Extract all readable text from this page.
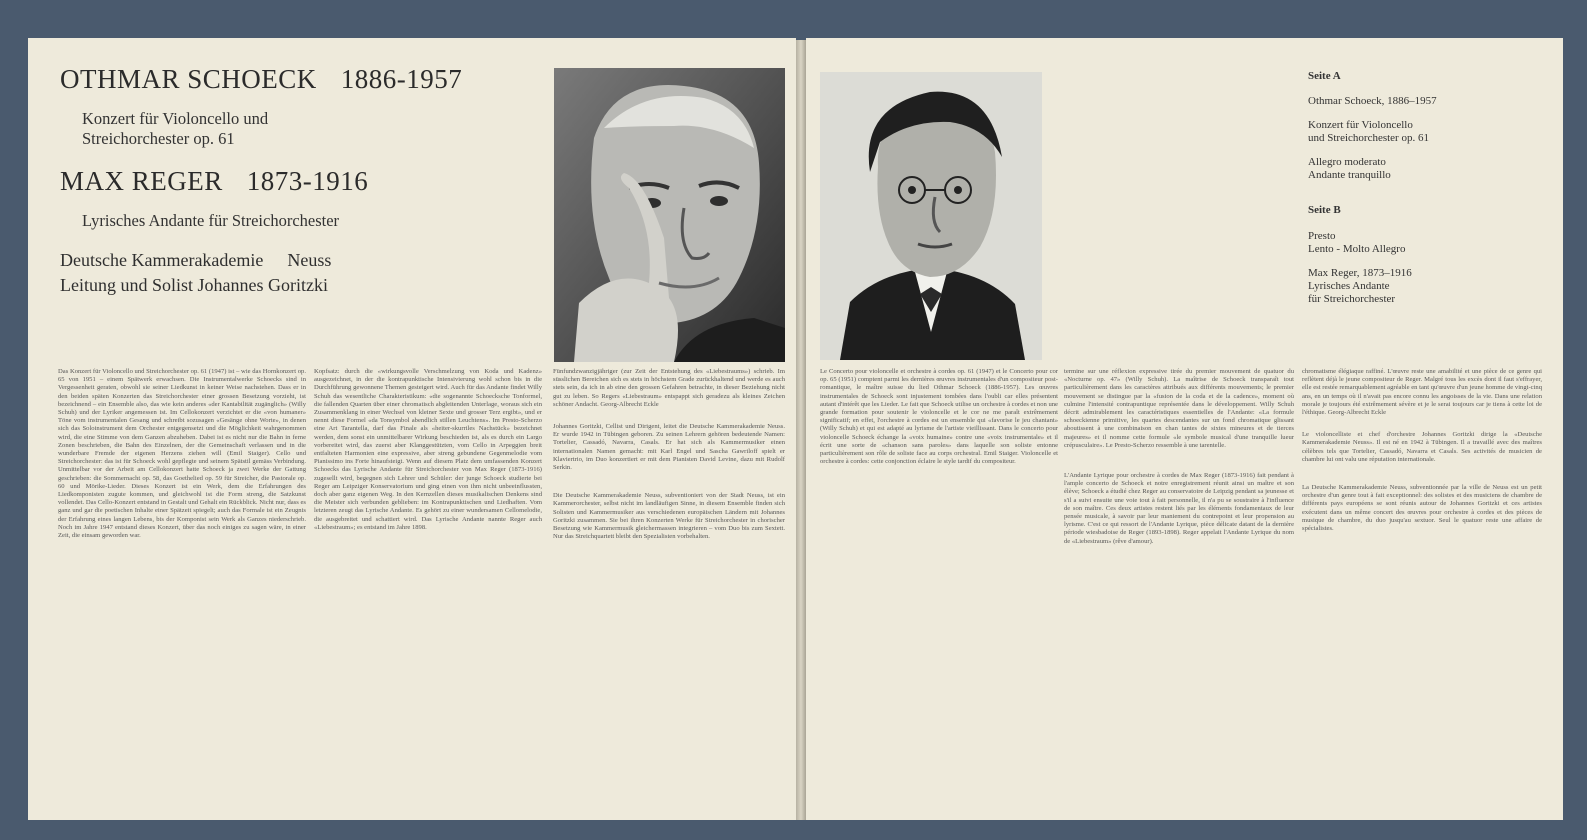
OTHMAR SCHOECK 1886-1957
Konzert für Violoncello und
Streichorchester op. 61
MAX REGER 1873-1916
Lyrisches Andante für Streichorchester
Deutsche Kammerakademie Neuss
Leitung und Solist Johannes Goritzki

Das Konzert für Violoncello und Streichorchester op. 61 (1947) ist – wie das Hornkonzert op. 65 von 1951 – einem Spätwerk erwachsen. Die Instrumentalwerke Schoecks sind in Vergessenheit geraten, obwohl sie seiner Liedkunst in keiner Weise nachstehen. Dass er in den beiden späten Konzerten das Streichorchester einer grossen Besetzung vorzieht, ist bezeichnend – ein Ensemble also, das wie kein anderes «der Kantabilität zugänglich» (Willy Schuh) und der Lyriker angemessen ist. Im Cellokonzert verzichtet er die «von humaner» Töne vom instrumentalen Gesang und schreibt sozusagen «Gesänge ohne Worte», in denen sich das Soloinstrument dem Orchester entgegensetzt und die Möglichkeit wahrgenommen wird, die eine Stimme von dem Ganzen abzuheben. Dabei ist es nicht nur die Bahn in ferne Zonen beschrieben, die Bahn des Einzelnen, der die Gemeinschaft verlassen und in die wunderbare Fremde der eigenen Herzens ziehen will (Emil Staiger). Cello und Streichorchester: das ist für Schoeck wohl gepflegte und seinem Spätstil gemäss Verbindung. Unmittelbar vor der Arbeit am Cellokonzert hatte Schoeck ja zwei Werke der Gattung geschrieben: die Sommernacht op. 58, das Goethelied op. 59 für Streicher, die Pastorale op. 60 und Mörike-Lieder. Dieses Konzert ist ein Werk, dem die Erfahrungen des Liedkomponisten zugute kommen, und gleichwohl ist die Form streng, die Satzkunst vollendet. Das Cello-Konzert entstand in Gestalt und Gehalt ein Rückblick. Nicht nur, dass es ganz und gar die poetischen Inhalte einer Spätzeit spiegelt; auch das Formale ist ein Zeugnis der Erfahrung eines langen Lebens, bis der Komponist sein Werk als Ganzes niederschrieb. Noch im Jahre 1947 entstand dieses Konzert, über das noch einiges zu sagen wäre, in einer Zeit, die einsam geworden war.

Kopfsatz: durch die «wirkungsvolle Verschmelzung von Koda und Kadenz» ausgezeichnet, in der die kontrapunktische Intensivierung wohl schon bis in die Durchführung gewonnene Themen gesteigert wird. Auch für das Andante findet Willy Schuh das wesentliche Charakteristikum: «die sogenannte Schoecksche Tonformel, die fallenden Quarten über einer chromatisch abgleitenden Unterlage, woraus sich ein Zusammenklang in einer Wechsel von kleiner Sexte und grosser Terz ergibt», und er nennt diese Formel «da Tonsymbol abendlich stillen Leuchtens». Im Presto-Scherzo eine Art Tarantella, darf das Finale als «heiter-skurriles Nachstück» bezeichnet werden, dem sonst ein unmittelbarer Wirkung beschieden ist, als es durch ein Largo vorbereitet wird, das zuerst aber Klanggestützten, vom Cello in Arpeggien breit entfalteten Harmonien eine expressive, aber streng gebundene Gegenmelodie vom Pianissimo ins Forte hinaufsteigt. Wenn auf diesem Platz dem umfassenden Konzert Schoecks das Lyrische Andante für Streichorchester von Max Reger (1873-1916) zugesellt wird, begegnen sich Lehrer und Schüler: der junge Schoeck studierte bei Reger am Leipziger Konservatorium und ging einen von ihm nicht unbeeinflussten, doch aber ganz eigenen Weg. In den Kernzellen dieses musikalischen Denkens sind die Meister sich verbunden geblieben: im Kontrapunktischen und Liedhaften. Vom letzteren zeugt das Lyrische Andante. Es gehört zu einer wundersamen Cellomelodie, die ausgebreitet und schattiert wird. Das Lyrische Andante nannte Reger auch «Liebestraum»; es entstand im Jahre 1898.

Fünfundzwanzigjähriger (zur Zeit der Entstehung des «Liebestraums») schrieb. Im süsslichen Bereichen sich es stets in höchstem Grade zurückhaltend und werde es auch stets sein, da ich in ab eine den grossen Gefahren betrachte, in dieser Beziehung nicht gut zu leben. So Regers «Liebestraum» entspappt sich geradezu als kleines Zeichen schöner Andacht. Georg-Albrecht Eckle

Johannes Goritzki, Cellist und Dirigent, leitet die Deutsche Kammerakademie Neuss. Er wurde 1942 in Tübingen geboren. Zu seinen Lehrern gehören bedeutende Namen: Tortelier, Cassadó, Navarra, Casals. Er hat sich als Kammermusiker einen internationalen Namen gemacht: mit Karl Engel und Sascha Gawriloff spielt er Klaviertrio, im Duo konzertiert er mit dem Pianisten David Levine, dazu mit Rudolf Serkin.

Die Deutsche Kammerakademie Neuss, subventioniert von der Stadt Neuss, ist ein Kammerorchester, selbst nicht im landläufigen Sinne, in diesem Ensemble finden sich Solisten und Kammermusiker aus verschiedenen europäischen Ländern mit Johannes Goritzki zusammen. Sie bei ihren Konzerten Werke für Streichorchester in chorischer Besetzung wie Kammermusik gleichermassen integrieren – vom Duo bis zum Sextett. Nur das Streichquartett bleibt den Spezialisten vorbehalten.

Seite A
Othmar Schoeck, 1886–1957
Konzert für Violoncello
und Streichorchester op. 61
Allegro moderato
Andante tranquillo
Seite B
Presto
Lento - Molto Allegro
Max Reger, 1873–1916
Lyrisches Andante
für Streichorchester

Le Concerto pour violoncelle et orchestre à cordes op. 61 (1947) et le Concerto pour cor op. 65 (1951) comptent parmi les dernières œuvres instrumentales d'un compositeur post-romantique, le maître suisse du lied Othmar Schoeck (1886-1957). Les œuvres instrumentales de Schoeck sont injustement tombées dans l'oubli car elles présentent autant d'intérêt que les Lieder. Le fait que Schoeck utilise un orchestre à cordes et non une grande formation pour soutenir le violoncelle et le cor ne me paraît extrêmement significatif; en effet, l'orchestre à cordes est un ensemble qui «favorise le jeu chantant» (Willy Schuh) et qui est adapté au lyrisme de l'artiste vieillissant. Dans le concerto pour violoncelle Schoeck échange la «voix humaine» contre une «voix instrumentale» et il écrit une sorte de «chanson sans paroles» dans laquelle son soliste entonne particulièrement son rôle de soliste face au corps orchestral. Emil Staiger. Violoncelle et orchestre à cordes: cette conjonction éclaire le style tardif du compositeur.

termine sur une réflexion expressive tirée du premier mouvement de quatuor du «Nocturne op. 47» (Willy Schuh). La maîtrise de Schoeck transparaît tout particulièrement dans les caractères attribués aux différents mouvements; le premier mouvement se distingue par la «fusion de la coda et de la cadence», moment où culmine l'intensité contrapuntique représentée dans le développement. Willy Schuh décrit admirablement les caractéristiques essentielles de l'Andante: «La formule schoeckienne primitive, les quartes descendantes sur un fond chromatique glissant aboutissent à une combinaison en chan tantes de sixtes mineures et de tierces majeures» et il nomme cette formule «le symbole musical d'une tranquille lueur crépusculaire». Le Presto-Scherzo ressemble à une tarentelle.

L'Andante Lyrique pour orchestre à cordes de Max Reger (1873-1916) fait pendant à l'ample concerto de Schoeck et notre enregistrement réunit ainsi un maître et son élève; Schoeck a étudié chez Reger au conservatoire de Leipzig pendant sa jeunesse et s'il a suivi ensuite une voie tout à fait personnelle, il n'a pu se soustraire à l'influence de son maître. Ces deux artistes restent liés par les éléments fondamentaux de leur pensée musicale, à savoir par leur maniement du contrepoint et leur propension au lyrisme. C'est ce qui ressort de l'Andante Lyrique, pièce délicate datant de la dernière période wiesbadoise de Reger (1893-1898). Reger appelait l'Andante Lyrique du nom de «Liebestraum» (rêve d'amour).

chromatisme élégiaque raffiné. L'œuvre reste une amabilité et une pièce de ce genre qui reflètent déjà le jeune compositeur de Reger. Malgré tous les excès dont il faut s'effrayer, elle est restée remarquablement agréable en tant qu'œuvre d'un jeune homme de vingt-cinq ans, en un temps où il n'avait pas encore connu les angoisses de la vie. Dans une relation morale je toujours été extrêmement sévère et je le serai toujours car je tiens à cette loi de l'éthique. Georg-Albrecht Eckle

Le violoncelliste et chef d'orchestre Johannes Goritzki dirige la «Deutsche Kammerakademie Neuss». Il est né en 1942 à Tübingen. Il a travaillé avec des maîtres célèbres tels que Tortelier, Cassadó, Navarra et Casals. Ses activités de musicien de chambre lui ont valu une réputation internationale.

La Deutsche Kammerakademie Neuss, subventionnée par la ville de Neuss est un petit orchestre d'un genre tout à fait exceptionnel: des solistes et des musiciens de chambre de différents pays européens se sont réunis autour de Johannes Goritzki et ces artistes exécutent dans un même concert des œuvres pour orchestre à cordes et des pièces de musique de chambre, du duo jusqu'au sextuor. Seul le quatuor reste une affaire de spécialistes.
